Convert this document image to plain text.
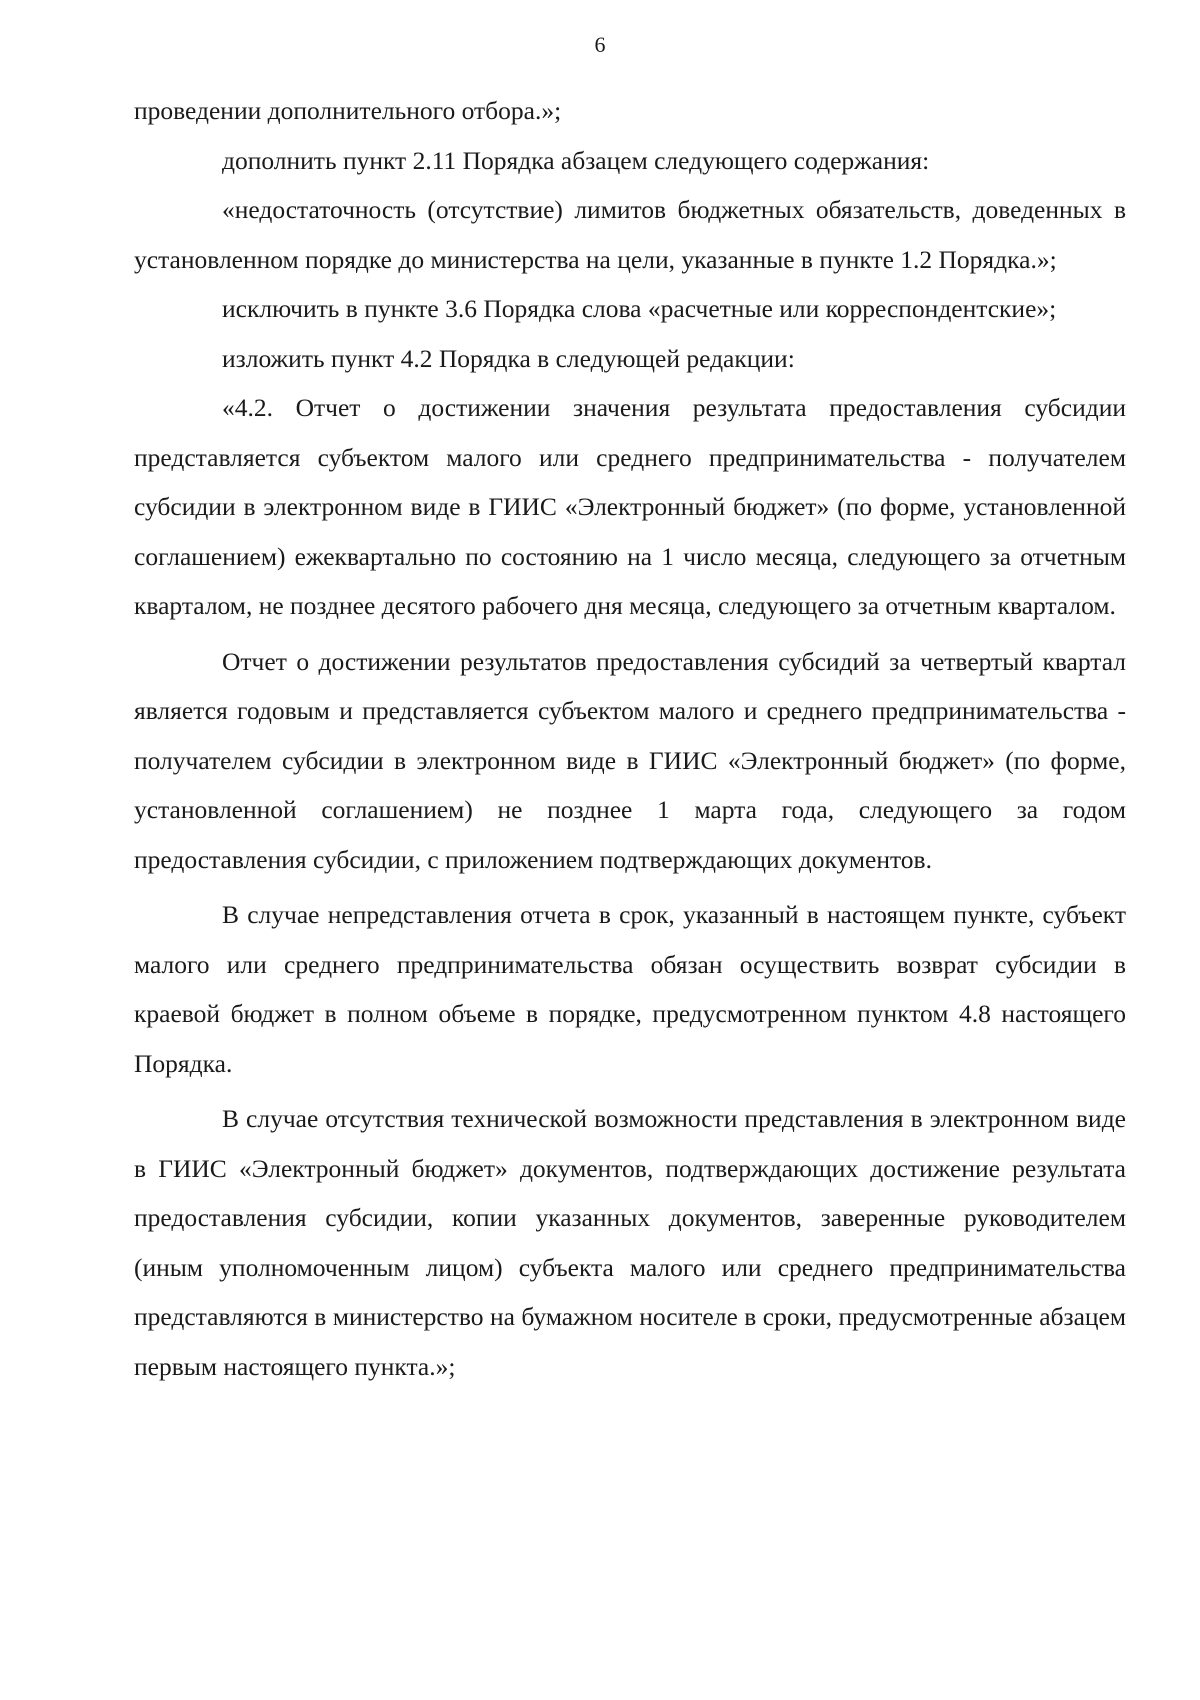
6

проведении дополнительного отбора.»;

дополнить пункт 2.11 Порядка абзацем следующего содержания:

«недостаточность (отсутствие) лимитов бюджетных обязательств, доведенных в установленном порядке до министерства на цели, указанные в пункте 1.2 Порядка.»;

исключить в пункте 3.6 Порядка слова «расчетные или корреспондентские»;

изложить пункт 4.2 Порядка в следующей редакции:

«4.2. Отчет о достижении значения результата предоставления субсидии представляется субъектом малого или среднего предпринимательства - получателем субсидии в электронном виде в ГИИС «Электронный бюджет» (по форме, установленной соглашением) ежеквартально по состоянию на 1 число месяца, следующего за отчетным кварталом, не позднее десятого рабочего дня месяца, следующего за отчетным кварталом.

Отчет о достижении результатов предоставления субсидий за четвертый квартал является годовым и представляется субъектом малого и среднего предпринимательства - получателем субсидии в электронном виде в ГИИС «Электронный бюджет» (по форме, установленной соглашением) не позднее 1 марта года, следующего за годом предоставления субсидии, с приложением подтверждающих документов.

В случае непредставления отчета в срок, указанный в настоящем пункте, субъект малого или среднего предпринимательства обязан осуществить возврат субсидии в краевой бюджет в полном объеме в порядке, предусмотренном пунктом 4.8 настоящего Порядка.

В случае отсутствия технической возможности представления в электронном виде в ГИИС «Электронный бюджет» документов, подтверждающих достижение результата предоставления субсидии, копии указанных документов, заверенные руководителем (иным уполномоченным лицом) субъекта малого или среднего предпринимательства представляются в министерство на бумажном носителе в сроки, предусмотренные абзацем первым настоящего пункта.»;
